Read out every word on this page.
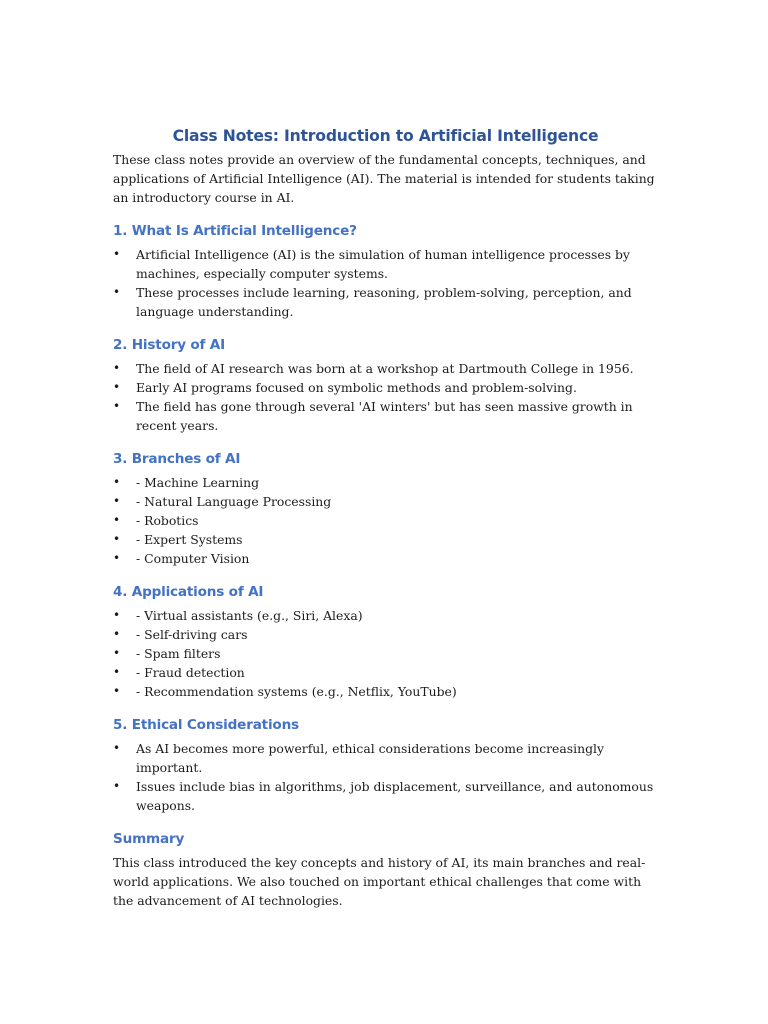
Class Notes: Introduction to Artificial Intelligence

These class notes provide an overview of the fundamental concepts, techniques, and applications of Artificial Intelligence (AI). The material is intended for students taking an introductory course in AI.

1. What Is Artificial Intelligence?
• Artificial Intelligence (AI) is the simulation of human intelligence processes by machines, especially computer systems.
• These processes include learning, reasoning, problem-solving, perception, and language understanding.
2. History of AI
• The field of AI research was born at a workshop at Dartmouth College in 1956.
• Early AI programs focused on symbolic methods and problem-solving.
• The field has gone through several 'AI winters' but has seen massive growth in recent years.
3. Branches of AI
• - Machine Learning
• - Natural Language Processing
• - Robotics
• - Expert Systems
• - Computer Vision
4. Applications of AI
• - Virtual assistants (e.g., Siri, Alexa)
• - Self-driving cars
• - Spam filters
• - Fraud detection
• - Recommendation systems (e.g., Netflix, YouTube)
5. Ethical Considerations
• As AI becomes more powerful, ethical considerations become increasingly important.
• Issues include bias in algorithms, job displacement, surveillance, and autonomous weapons.
Summary

This class introduced the key concepts and history of AI, its main branches and real-world applications. We also touched on important ethical challenges that come with the advancement of AI technologies.
